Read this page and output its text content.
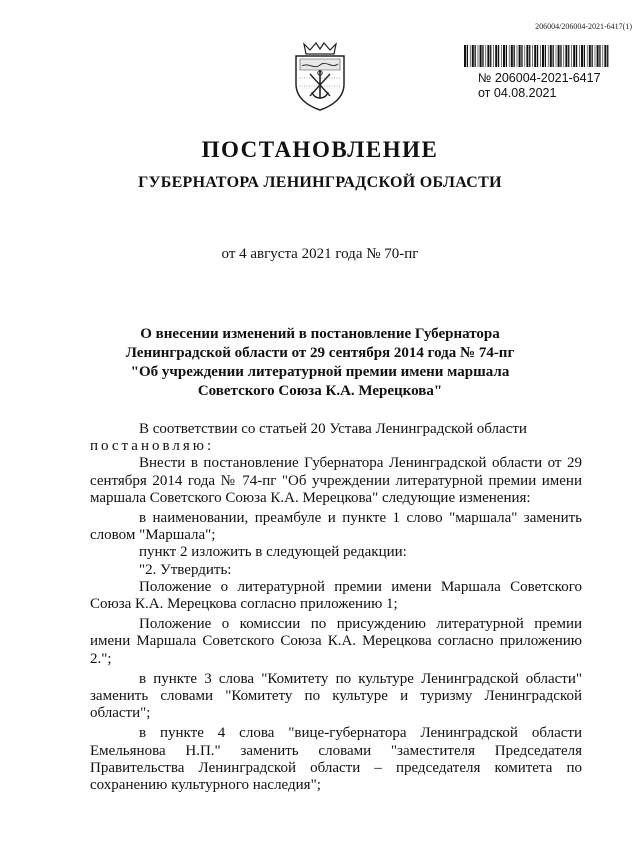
206004/206004-2021-6417(1)
№ 206004-2021-6417
от 04.08.2021
ПОСТАНОВЛЕНИЕ
ГУБЕРНАТОРА ЛЕНИНГРАДСКОЙ ОБЛАСТИ
от 4 августа 2021 года № 70-пг
О внесении изменений в постановление Губернатора
Ленинградской области от 29 сентября 2014 года № 74-пг
"Об учреждении литературной премии имени маршала
Советского Союза К.А. Мерецкова"

В соответствии со статьей 20 Устава Ленинградской области

постановляю:

Внести в постановление Губернатора Ленинградской области от 29 сентября 2014 года № 74-пг "Об учреждении литературной премии имени маршала Советского Союза К.А. Мерецкова" следующие изменения:

в наименовании, преамбуле и пункте 1 слово "маршала" заменить словом "Маршала";

пункт 2 изложить в следующей редакции:

"2. Утвердить:

Положение о литературной премии имени Маршала Советского Союза К.А. Мерецкова согласно приложению 1;

Положение о комиссии по присуждению литературной премии имени Маршала Советского Союза К.А. Мерецкова согласно приложению 2.";

в пункте 3 слова "Комитету по культуре Ленинградской области" заменить словами "Комитету по культуре и туризму Ленинградской области";

в пункте 4 слова "вице-губернатора Ленинградской области Емельянова Н.П." заменить словами "заместителя Председателя Правительства Ленинградской области – председателя комитета по сохранению культурного наследия";
